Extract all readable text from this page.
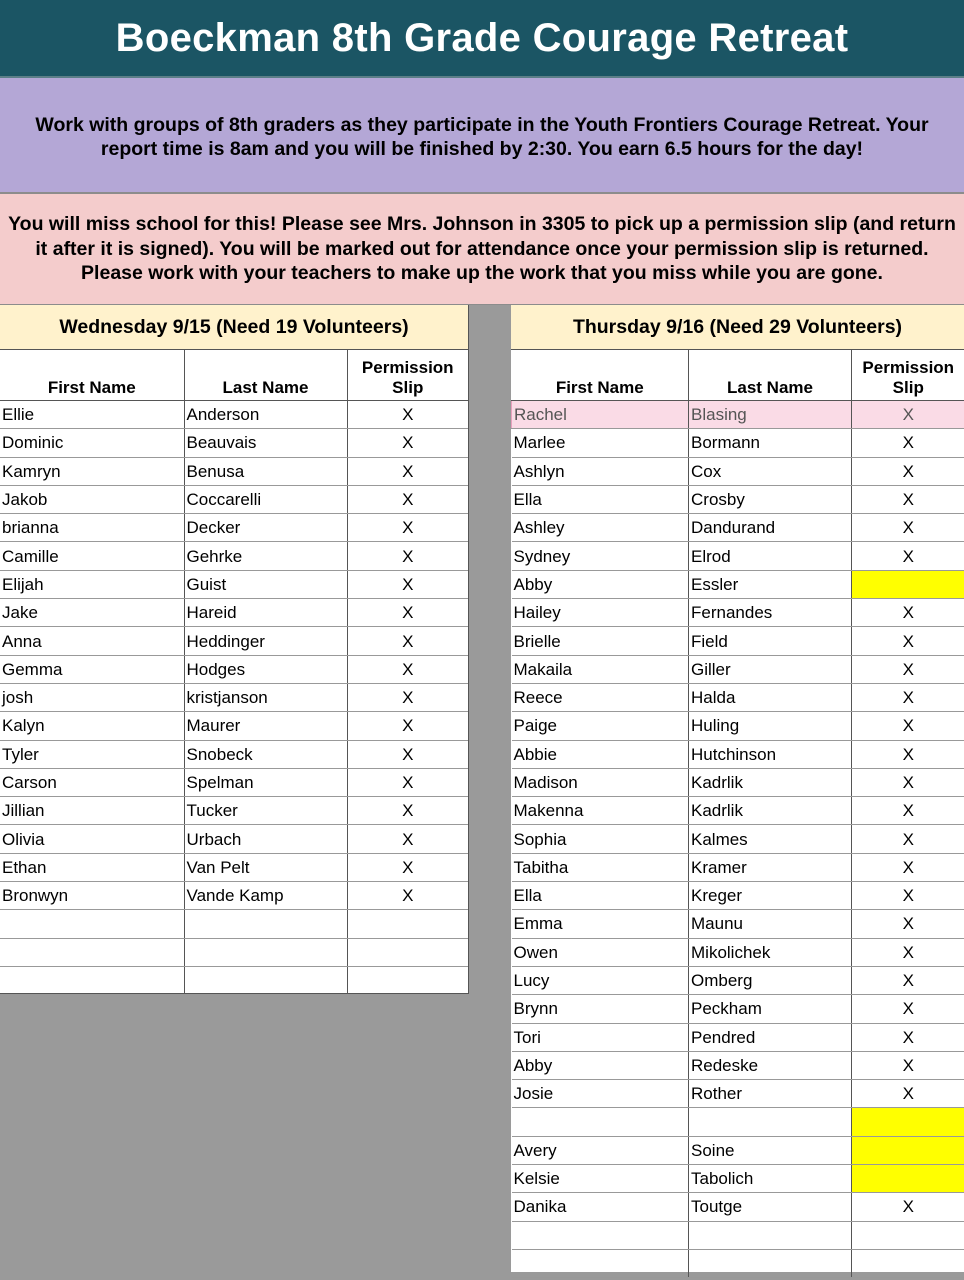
Boeckman 8th Grade Courage Retreat
Work with groups of 8th graders as they participate in the Youth Frontiers Courage Retreat. Your report time is 8am and you will be finished by 2:30. You earn 6.5 hours for the day!
You will miss school for this! Please see Mrs. Johnson in 3305 to pick up a permission slip (and return it after it is signed). You will be marked out for attendance once your permission slip is returned. Please work with your teachers to make up the work that you miss while you are gone.
Wednesday 9/15 (Need 19 Volunteers)
First Name	Last Name	Permission Slip
Ellie	Anderson	X
Dominic	Beauvais	X
Kamryn	Benusa	X
Jakob	Coccarelli	X
brianna	Decker	X
Camille	Gehrke	X
Elijah	Guist	X
Jake	Hareid	X
Anna	Heddinger	X
Gemma	Hodges	X
josh	kristjanson	X
Kalyn	Maurer	X
Tyler	Snobeck	X
Carson	Spelman	X
Jillian	Tucker	X
Olivia	Urbach	X
Ethan	Van Pelt	X
Bronwyn	Vande Kamp	X

Thursday 9/16 (Need 29 Volunteers)
First Name	Last Name	Permission Slip
Rachel	Blasing	X
Marlee	Bormann	X
Ashlyn	Cox	X
Ella	Crosby	X
Ashley	Dandurand	X
Sydney	Elrod	X
Abby	Essler	
Hailey	Fernandes	X
Brielle	Field	X
Makaila	Giller	X
Reece	Halda	X
Paige	Huling	X
Abbie	Hutchinson	X
Madison	Kadrlik	X
Makenna	Kadrlik	X
Sophia	Kalmes	X
Tabitha	Kramer	X
Ella	Kreger	X
Emma	Maunu	X
Owen	Mikolichek	X
Lucy	Omberg	X
Brynn	Peckham	X
Tori	Pendred	X
Abby	Redeske	X
Josie	Rother	X

Avery	Soine	
Kelsie	Tabolich	
Danika	Toutge	X
